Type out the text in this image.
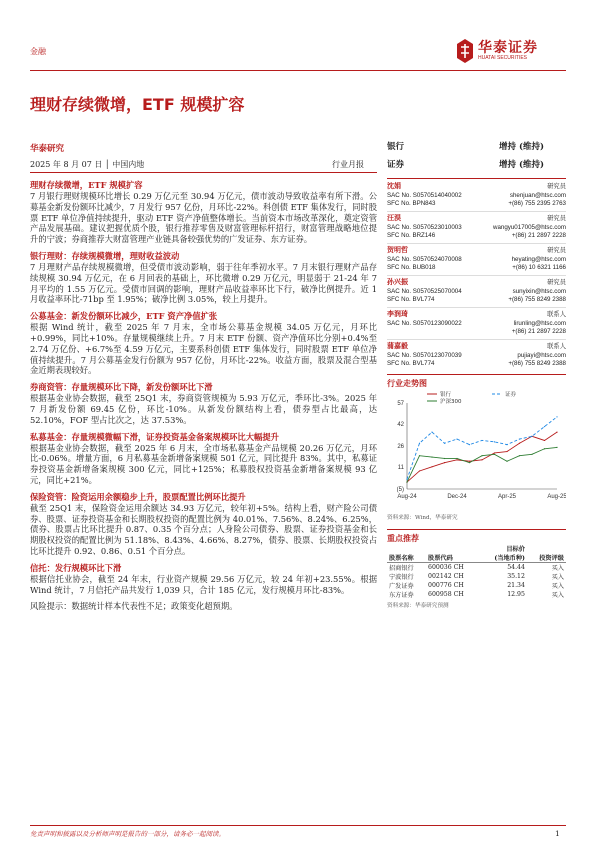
金融	华泰证券
HUATAI SECURITIES
理财存续微增，ETF 规模扩容
华泰研究
2025 年 8 月 07 日 │ 中国内地	行业月报

理财存续微增，ETF 规模扩容

7 月银行理财规模环比增长 0.29 万亿元至 30.94 万亿元，债市波动导致收益率有所下滑。公募基金新发份额环比减少，7 月发行 957 亿份，月环比-22%。科创债 ETF 集体发行，同时股票 ETF 单位净值持续提升，驱动 ETF 资产净值整体增长。当前资本市场改革深化，奠定资管产品发展基础。建议把握优质个股，银行推荐零售及财富管理标杆招行，财富管理战略地位提升的宁波；券商推荐大财富管理产业链具备较强优势的广发证券、东方证券。

银行理财：存续规模微增，理财收益波动

7 月理财产品存续规模微增，但受债市波动影响，弱于往年季初水平。7 月末银行理财产品存续规模 30.94 万亿元，在 6 月回表的基础上，环比微增 0.29 万亿元，明显弱于 21-24 年 7 月平均的 1.55 万亿元。受债市回调的影响，理财产品收益率环比下行，破净比例提升。近 1 月收益率环比-71bp 至 1.95%；破净比例 3.05%，较上月提升。

公募基金：新发份额环比减少，ETF 资产净值扩张

根据 Wind 统计，截至 2025 年 7 月末，全市场公募基金规模 34.05 万亿元，月环比+0.99%，同比+10%。存量规模继续上升。7 月末 ETF 份额、资产净值环比分别+0.4%至 2.74 万亿份、+6.7%至 4.59 万亿元，主要系科创债 ETF 集体发行，同时股票 ETF 单位净值持续提升。7 月公募基金发行份额为 957 亿份，月环比-22%。收益方面，股票及混合型基金近期表现较好。

券商资管：存量规模环比下降，新发份额环比下滑

根据基金业协会数据，截至 25Q1 末，券商资管规模为 5.93 万亿元，季环比-3%。2025 年 7 月新发份额 69.45 亿份，环比-10%。从新发份额结构上看，债券型占比最高，达 52.10%，FOF 型占比次之，达 37.53%。

私募基金：存量规模微幅下滑，证券投资基金备案规模环比大幅提升

根据基金业协会数据，截至 2025 年 6 月末，全市场私募基金产品规模 20.26 万亿元，月环比-0.06%。增量方面，6 月私募基金新增备案规模 501 亿元，同比提升 83%。其中，私募证券投资基金新增备案规模 300 亿元，同比+125%；私募股权投资基金新增备案规模 93 亿元，同比+21%。

保险资管：险资运用余额稳步上升，股票配置比例环比提升

截至 25Q1 末，保险资金运用余额达 34.93 万亿元，较年初+5%。结构上看，财产险公司债券、股票、证券投资基金和长期股权投资的配置比例为 40.01%、7.56%、8.24%、6.25%，债券、股票占比环比提升 0.87、0.35 个百分点；人身险公司债券、股票、证券投资基金和长期股权投资的配置比例为 51.18%、8.43%、4.66%、8.27%，债券、股票、长期股权投资占比环比提升 0.92、0.86、0.51 个百分点。

信托：发行规模环比下滑

根据信托业协会，截至 24 年末，行业资产规模 29.56 万亿元，较 24 年初+23.55%。根据 Wind 统计，7 月信托产品共发行 1,039 只，合计 185 亿元，发行规模月环比-83%。

风险提示：数据统计样本代表性不足；政策变化超预期。

银行	增持 (维持)
证券	增持 (维持)
沈娟	研究员
SAC No. S0570514040002	shenjuan@htsc.com
SFC No. BPN843	+(86) 755 2395 2763
汪淏	研究员
SAC No. S0570523010003	wangyu017005@htsc.com
SFC No. BRZ146	+(86) 21 2897 2228
贺明哲	研究员
SAC No. S0570524070008	heyating@htsc.com
SFC No. BUB018	+(86) 10 6321 1166
孙兴振	研究员
SAC No. S0570525070004	sunyixin@htsc.com
SFC No. BVL774	+(86) 755 8249 2388
李润琦	联系人
SAC No. S0570123090022	lirunling@htsc.com
+(86) 21 2897 2228
蒲嘉毅	联系人
SAC No. S0570123070039	pujiayi@htsc.com
SFC No. BVL774	+(86) 755 8249 2388
行业走势图
57
42
26
11
(5)
Aug-24	Dec-24	Apr-25	Aug-25
银行	证券
沪深300
资料来源：Wind，华泰研究
重点推荐
		目标价	
股票名称	股票代码	(当地币种)	投资评级
招商银行	600036 CH	54.44	买入
宁波银行	002142 CH	35.12	买入
广发证券	000776 CH	21.34	买入
东方证券	600958 CH	12.95	买入
资料来源：华泰研究预测
免责声明和披露以及分析师声明是报告的一部分，请务必一起阅读。	1
